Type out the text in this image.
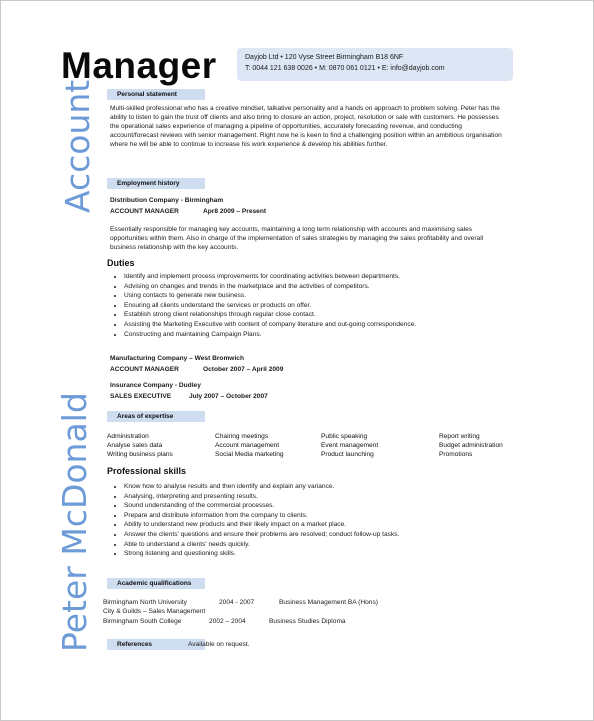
Manager	Dayjob Ltd • 120 Vyse Street Birmingham B18 6NF
T: 0044 121 638 0026 • M: 0870 061 0121 • E: info@dayjob.com
Account
Peter McDonald
Personal statement
Multi-skilled professional who has a creative mindset, talkative personality and a hands on approach to problem solving. Peter has the ability to listen to gain the trust off clients and also bring to closure an action, project, resolution or sale with customers. He possesses the operational sales experience of managing a pipeline of opportunities, accurately forecasting revenue, and conducting account/forecast reviews with senior management. Right now he is keen to find a challenging position within an ambitious organisation where he will be able to continue to increase his work experience & develop his abilities further.
Employment history
Distribution Company - Birmingham
ACCOUNT MANAGER	Apr8 2009 – Present
Essentially responsible for managing key accounts, maintaining a long term relationship with accounts and maximising sales opportunities within them. Also in charge of the implementation of sales strategies by managing the sales profitability and overall business relationship with the key accounts.
Duties
• Identify and implement process improvements for coordinating activities between departments.
• Advising on changes and trends in the marketplace and the activities of competitors.
• Using contacts to generate new business.
• Ensuring all clients understand the services or products on offer.
• Establish strong client relationships through regular close contact.
• Assisting the Marketing Executive with content of company literature and out-going correspondence.
• Constructing and maintaining Campaign Plans.
Manufacturing Company – West Bromwich
ACCOUNT MANAGER	October 2007 – April 2009
Insurance Company - Dudley
SALES EXECUTIVE	July 2007 – October 2007
Areas of expertise
Administration	Chairing meetings	Public speaking	Report writing
Analyse sales data	Account management	Event management	Budget administration
Writing business plans	Social Media marketing	Product launching	Promotions
Professional skills
• Know how to analyse results and then identify and explain any variance.
• Analysing, interpreting and presenting results.
• Sound understanding of the commercial processes.
• Prepare and distribute information from the company to clients.
• Ability to understand new products and their likely impact on a market place.
• Answer the clients' questions and ensure their problems are resolved; conduct follow-up tasks.
• Able to understand a clients' needs quickly.
• Strong listening and questioning skills.
Academic qualifications
Birmingham North University	2004 - 2007	Business Management BA (Hons)
City & Guilds – Sales Management
Birmingham South College	2002 – 2004	Business Studies Diploma
References	Available on request.
